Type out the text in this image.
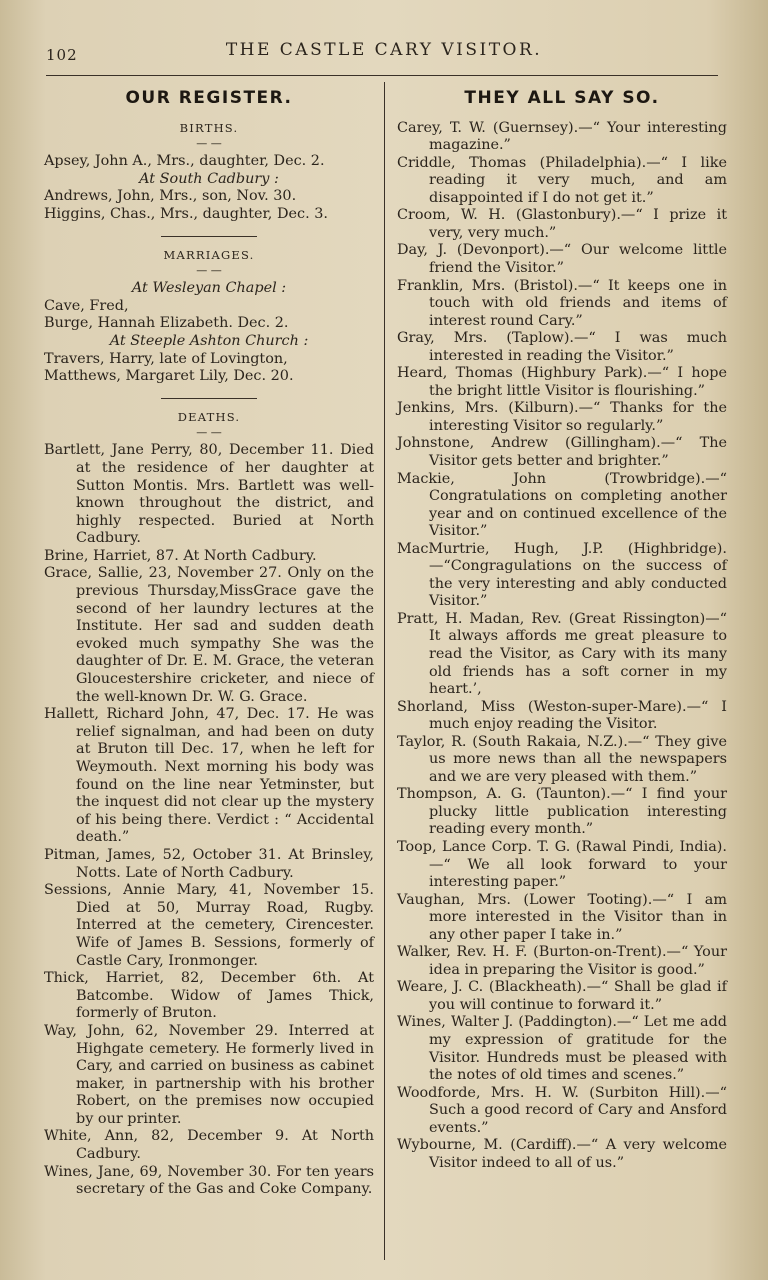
102	THE CASTLE CARY VISITOR.
OUR REGISTER.
BIRTHS.
— —
Apsey, John A., Mrs., daughter, Dec. 2.
At South Cadbury :
Andrews, John, Mrs., son, Nov. 30.
Higgins, Chas., Mrs., daughter, Dec. 3.
MARRIAGES.
— —
At Wesleyan Chapel :
Cave, Fred,
Burge, Hannah Elizabeth. Dec. 2.
At Steeple Ashton Church :
Travers, Harry, late of Lovington,
Matthews, Margaret Lily, Dec. 20.
DEATHS.
— —
Bartlett, Jane Perry, 80, December 11. Died at the residence of her daughter at Sutton Montis. Mrs. Bartlett was well-known throughout the district, and highly respected. Buried at North Cadbury.
Brine, Harriet, 87. At North Cadbury.
Grace, Sallie, 23, November 27. Only on the previous Thursday,MissGrace gave the second of her laundry lectures at the Institute. Her sad and sudden death evoked much sympathy She was the daughter of Dr. E. M. Grace, the veteran Gloucestershire cricketer, and niece of the well-known Dr. W. G. Grace.
Hallett, Richard John, 47, Dec. 17. He was relief signalman, and had been on duty at Bruton till Dec. 17, when he left for Weymouth. Next morning his body was found on the line near Yetminster, but the inquest did not clear up the mystery of his being there. Verdict : “ Accidental death.”
Pitman, James, 52, October 31. At Brinsley, Notts. Late of North Cadbury.
Sessions, Annie Mary, 41, November 15. Died at 50, Murray Road, Rugby. Interred at the cemetery, Cirencester. Wife of James B. Sessions, formerly of Castle Cary, Ironmonger.
Thick, Harriet, 82, December 6th. At Batcombe. Widow of James Thick, formerly of Bruton.
Way, John, 62, November 29. Interred at Highgate cemetery. He formerly lived in Cary, and carried on business as cabinet maker, in partnership with his brother Robert, on the premises now occupied by our printer.
White, Ann, 82, December 9. At North Cadbury.
Wines, Jane, 69, November 30. For ten years secretary of the Gas and Coke Company.
THEY ALL SAY SO.
Carey, T. W. (Guernsey).—“ Your interesting magazine.”
Criddle, Thomas (Philadelphia).—“ I like reading it very much, and am disappointed if I do not get it.”
Croom, W. H. (Glastonbury).—“ I prize it very, very much.”
Day, J. (Devonport).—“ Our welcome little friend the Visitor.”
Franklin, Mrs. (Bristol).—“ It keeps one in touch with old friends and items of interest round Cary.”
Gray, Mrs. (Taplow).—“ I was much interested in reading the Visitor.”
Heard, Thomas (Highbury Park).—“ I hope the bright little Visitor is flourishing.”
Jenkins, Mrs. (Kilburn).—“ Thanks for the interesting Visitor so regularly.”
Johnstone, Andrew (Gillingham).—“ The Visitor gets better and brighter.”
Mackie, John (Trowbridge).—“ Congratulations on completing another year and on continued excellence of the Visitor.”
MacMurtrie, Hugh, J.P. (Highbridge).—“Congragulations on the success of the very interesting and ably conducted Visitor.”
Pratt, H. Madan, Rev. (Great Rissington)—“ It always affords me great pleasure to read the Visitor, as Cary with its many old friends has a soft corner in my heart.’,
Shorland, Miss (Weston-super-Mare).—“ I much enjoy reading the Visitor.
Taylor, R. (South Rakaia, N.Z.).—“ They give us more news than all the newspapers and we are very pleased with them.”
Thompson, A. G. (Taunton).—“ I find your plucky little publication interesting reading every month.”
Toop, Lance Corp. T. G. (Rawal Pindi, India).—“ We all look forward to your interesting paper.”
Vaughan, Mrs. (Lower Tooting).—“ I am more interested in the Visitor than in any other paper I take in.”
Walker, Rev. H. F. (Burton-on-Trent).—“ Your idea in preparing the Visitor is good.”
Weare, J. C. (Blackheath).—“ Shall be glad if you will continue to forward it.”
Wines, Walter J. (Paddington).—“ Let me add my expression of gratitude for the Visitor. Hundreds must be pleased with the notes of old times and scenes.”
Woodforde, Mrs. H. W. (Surbiton Hill).—“ Such a good record of Cary and Ansford events.”
Wybourne, M. (Cardiff).—“ A very welcome Visitor indeed to all of us.”
